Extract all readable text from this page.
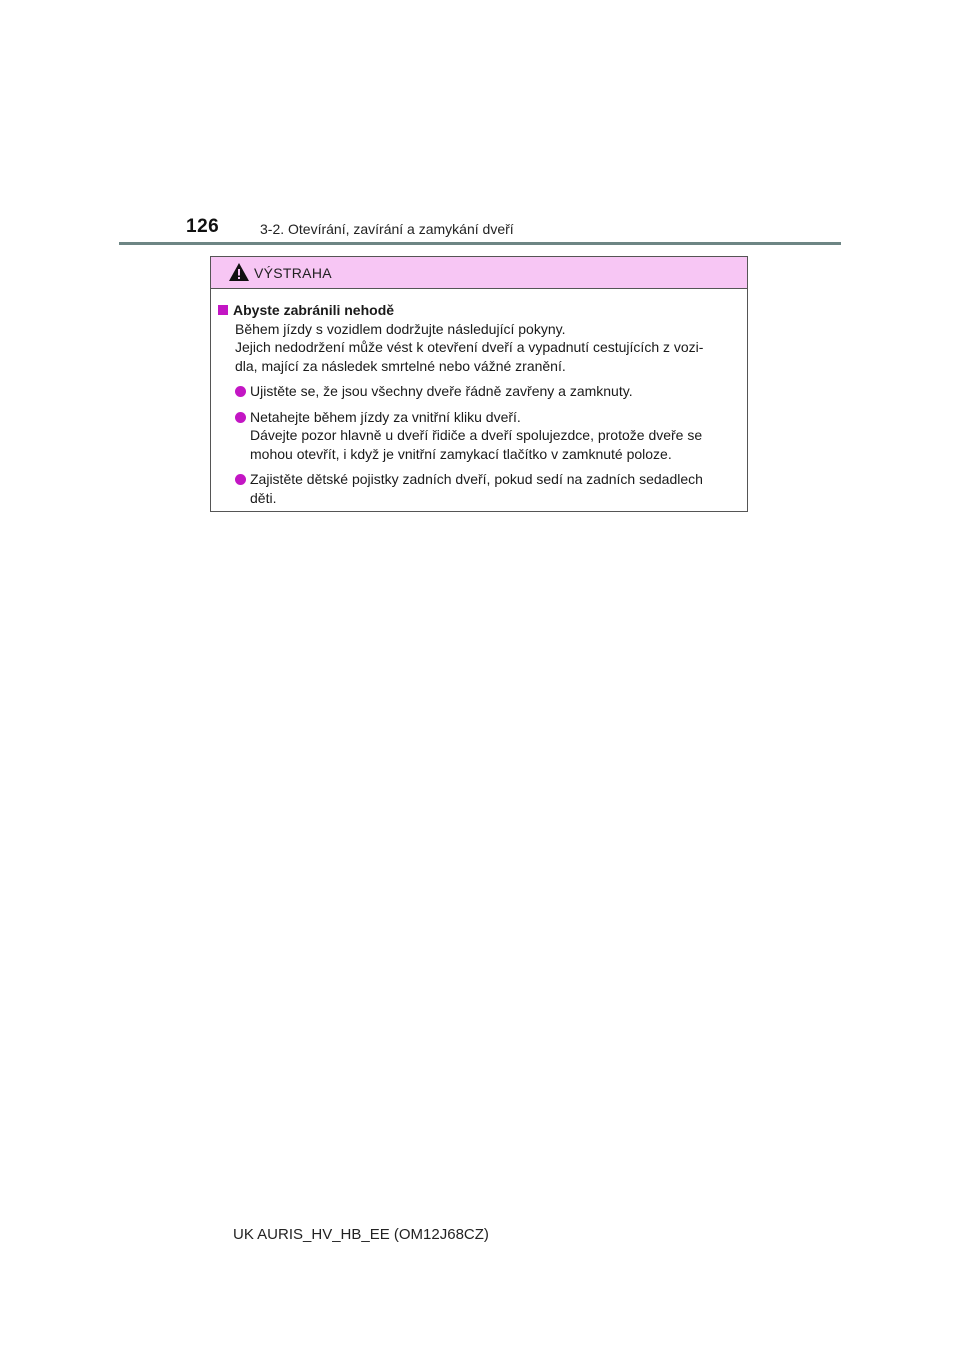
126	3-2. Otevírání, zavírání a zamykání dveří
VÝSTRAHA
Abyste zabránili nehodě
Během jízdy s vozidlem dodržujte následující pokyny.
Jejich nedodržení může vést k otevření dveří a vypadnutí cestujících z vozi-
dla, mající za následek smrtelné nebo vážné zranění.
Ujistěte se, že jsou všechny dveře řádně zavřeny a zamknuty.
Netahejte během jízdy za vnitřní kliku dveří.
Dávejte pozor hlavně u dveří řidiče a dveří spolujezdce, protože dveře se
mohou otevřít, i když je vnitřní zamykací tlačítko v zamknuté poloze.
Zajistěte dětské pojistky zadních dveří, pokud sedí na zadních sedadlech
děti.
UK AURIS_HV_HB_EE (OM12J68CZ)
